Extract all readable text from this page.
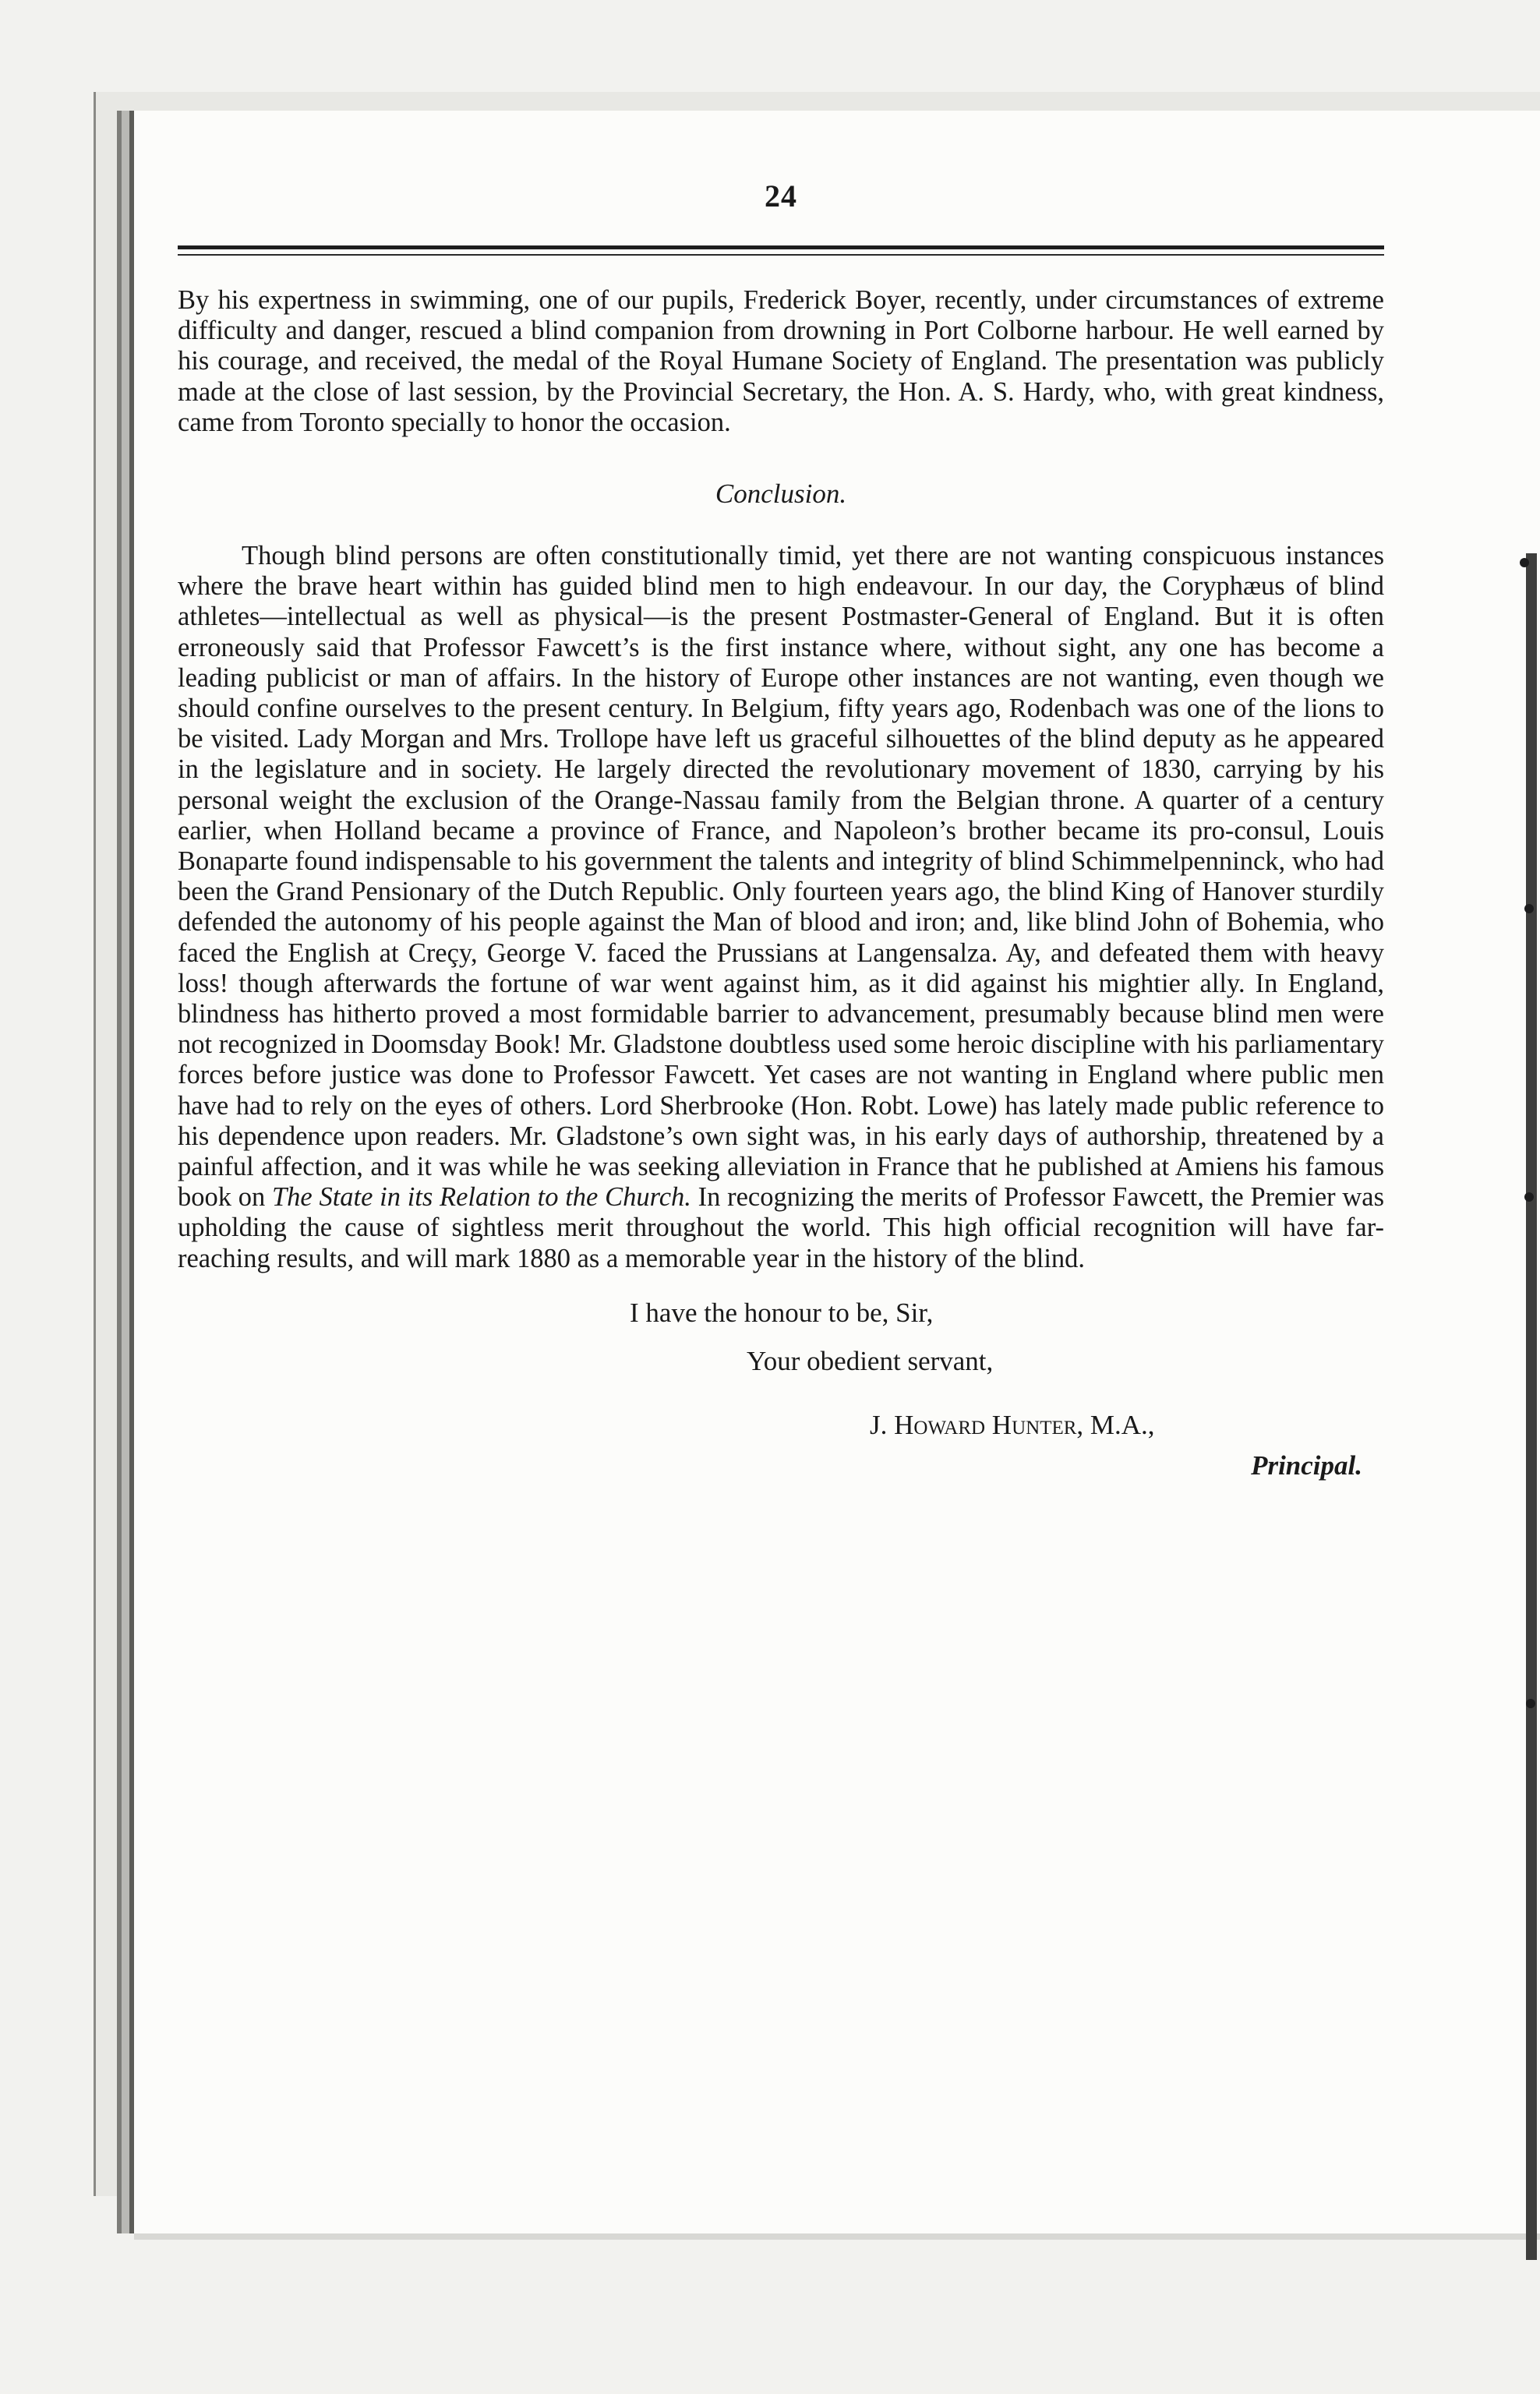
24

By his expertness in swimming, one of our pupils, Frederick Boyer, recently, under circumstances of extreme difficulty and danger, rescued a blind companion from drowning in Port Colborne harbour. He well earned by his courage, and received, the medal of the Royal Humane Society of England. The presentation was publicly made at the close of last session, by the Provincial Secretary, the Hon. A. S. Hardy, who, with great kindness, came from Toronto specially to honor the occasion.

Conclusion.

Though blind persons are often constitutionally timid, yet there are not wanting conspicuous instances where the brave heart within has guided blind men to high endeavour. In our day, the Coryphæus of blind athletes—intellectual as well as physical—is the present Postmaster-General of England. But it is often erroneously said that Professor Fawcett’s is the first instance where, without sight, any one has become a leading publicist or man of affairs. In the history of Europe other instances are not wanting, even though we should confine ourselves to the present century. In Belgium, fifty years ago, Rodenbach was one of the lions to be visited. Lady Morgan and Mrs. Trollope have left us graceful silhouettes of the blind deputy as he appeared in the legislature and in society. He largely directed the revolutionary movement of 1830, carrying by his personal weight the exclusion of the Orange-Nassau family from the Belgian throne. A quarter of a century earlier, when Holland became a province of France, and Napoleon’s brother became its pro-consul, Louis Bonaparte found indispensable to his government the talents and integrity of blind Schimmelpenninck, who had been the Grand Pensionary of the Dutch Republic. Only fourteen years ago, the blind King of Hanover sturdily defended the autonomy of his people against the Man of blood and iron; and, like blind John of Bohemia, who faced the English at Creçy, George V. faced the Prussians at Langensalza. Ay, and defeated them with heavy loss! though afterwards the fortune of war went against him, as it did against his mightier ally. In England, blindness has hitherto proved a most formidable barrier to advancement, presumably because blind men were not recognized in Doomsday Book! Mr. Gladstone doubtless used some heroic discipline with his parliamentary forces before justice was done to Professor Fawcett. Yet cases are not wanting in England where public men have had to rely on the eyes of others. Lord Sherbrooke (Hon. Robt. Lowe) has lately made public reference to his dependence upon readers. Mr. Gladstone’s own sight was, in his early days of authorship, threatened by a painful affection, and it was while he was seeking alleviation in France that he published at Amiens his famous book on The State in its Relation to the Church. In recognizing the merits of Professor Fawcett, the Premier was upholding the cause of sightless merit throughout the world. This high official recognition will have far-reaching results, and will mark 1880 as a memorable year in the history of the blind.

I have the honour to be, Sir,
Your obedient servant,
J. Howard Hunter, M.A.,
Principal.
